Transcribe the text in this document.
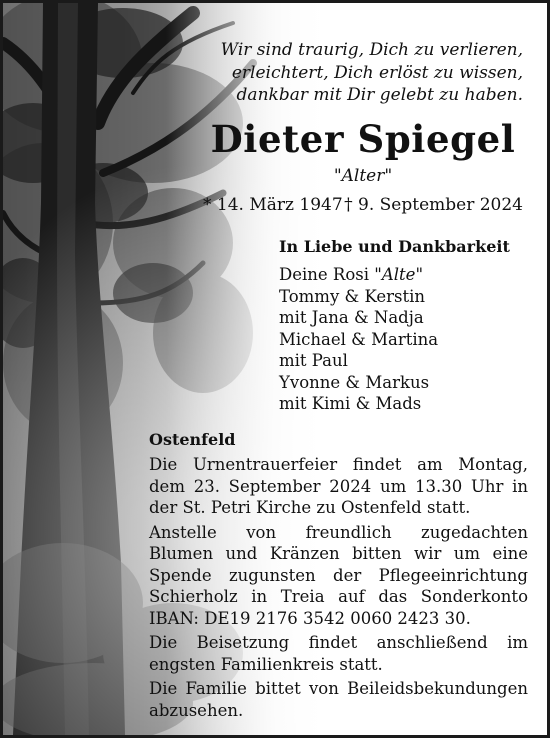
Wir sind traurig, Dich zu verlieren,
erleichtert, Dich erlöst zu wissen,
dankbar mit Dir gelebt zu haben.
Dieter Spiegel
"Alter"
* 14. März 1947 † 9. September 2024
In Liebe und Dankbarkeit
Deine Rosi "Alte"
Tommy & Kerstin
mit Jana & Nadja
Michael & Martina
mit Paul
Yvonne & Markus
mit Kimi & Mads
Ostenfeld

Die Urnentrauerfeier findet am Montag,
dem 23. September 2024 um 13.30 Uhr in
der St. Petri Kirche zu Ostenfeld statt.

Anstelle von freundlich zugedachten
Blumen und Kränzen bitten wir um eine
Spende zugunsten der Pflegeeinrichtung
Schierholz in Treia auf das Sonderkonto
IBAN: DE19 2176 3542 0060 2423 30.

Die Beisetzung findet anschließend im
engsten Familienkreis statt.

Die Familie bittet von Beileidsbekundungen
abzusehen.
